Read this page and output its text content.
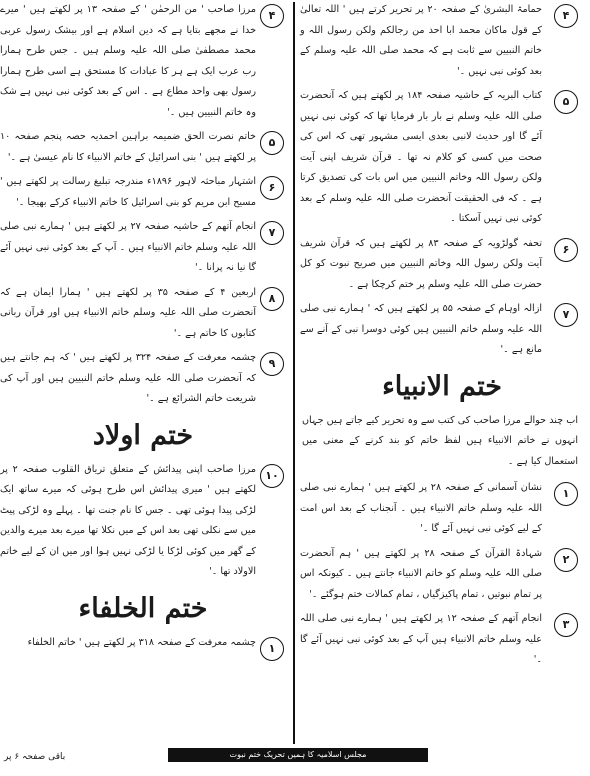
۴
حمامۃ البشریٰ کے صفحہ ۲۰ پر تحریر کرتے ہیں ' اللہ تعالیٰ کے قول ماکان محمد ابا احد من رجالکم ولکن رسول اللہ و خاتم النبیین سے ثابت ہے کہ محمد صلی اللہ علیہ وسلم کے بعد کوئی نبی نہیں ۔'
۵
کتاب البریہ کے حاشیہ صفحہ ۱۸۴ پر لکھتے ہیں کہ آنحضرت صلی اللہ علیہ وسلم نے بار بار فرمایا تھا کہ کوئی نبی نہیں آئے گا اور حدیث لانبی بعدی ایسی مشہور تھی کہ اس کی صحت میں کسی کو کلام نہ تھا ۔ قرآن شریف اپنی آیت ولکن رسول اللہ وخاتم النبیین میں اس بات کی تصدیق کرتا ہے ۔ کہ فی الحقیقت آنحضرت صلی اللہ علیہ وسلم کے بعد کوئی نبی نہیں آسکتا ۔
۶
تحفہ گولڑویہ کے صفحہ ۸۳ پر لکھتے ہیں کہ قرآن شریف آیت ولکن رسول اللہ وخاتم النبیین میں صریح نبوت کو کل حضرت صلی اللہ علیہ وسلم پر ختم کرچکا ہے ۔
۷
ازالہ اوہام کے صفحہ ۵۵ پر لکھتے ہیں کہ ' ہمارے نبی صلی اللہ علیہ وسلم خاتم النبیین ہیں کوئی دوسرا نبی کے آنے سے مانع ہے ۔'
ختم الانبیاء
اب چند حوالے مرزا صاحب کی کتب سے وہ تحریر کیے جاتے ہیں جہاں انہوں نے خاتم الانبیاء ہیں لفظ خاتم کو بند کرنے کے معنی میں استعمال کیا ہے ۔
۱
نشان آسمانی کے صفحہ ۲۸ پر لکھتے ہیں ' ہمارے نبی صلی اللہ علیہ وسلم خاتم الانبیاء ہیں ۔ آنجناب کے بعد اس امت کے لیے کوئی نبی نہیں آئے گا ۔'
۲
شہادۃ القرآن کے صفحہ ۲۸ پر لکھتے ہیں ' ہم آنحضرت صلی اللہ علیہ وسلم کو خاتم الانبیاء جانتے ہیں ۔ کیونکہ اس پر تمام نبوتیں ، تمام پاکیزگیاں ، تمام کمالات ختم ہوگئے ۔'
۳
انجام آتھم کے صفحہ ۱۲ پر لکھتے ہیں ' ہمارے نبی صلی اللہ علیہ وسلم خاتم الانبیاء ہیں آپ کے بعد کوئی نبی نہیں آئے گا ۔'
۴
مرزا صاحب ' من الرحمٰن ' کے صفحہ ۱۳ پر لکھتے ہیں ' میرے خدا نے مجھے بتایا ہے کہ دین اسلام ہے اور بیشک رسول عربی محمد مصطفیٰ صلی اللہ علیہ وسلم ہیں ۔ جس طرح ہمارا رب عرب ایک ہے ہر کا عبادات کا مستحق ہے اسی طرح ہمارا رسول بھی واحد مطاع ہے ۔ اس کے بعد کوئی نبی نہیں ہے شک وہ خاتم النبیین ہیں ۔'
۵
خاتم نصرت الحق ضمیمہ براہین احمدیہ حصہ پنجم صفحہ ۱۰ پر لکھتے ہیں ' بنی اسرائیل کے خاتم الانبیاء کا نام عیسیٰ ہے ۔'
۶
اشتہار مباحثہ لاہور ۱۸۹۶ء مندرجہ تبلیغ رسالت پر لکھتے ہیں ' مسیح ابن مریم کو بنی اسرائیل کا خاتم الانبیاء کرکے بھیجا ۔'
۷
انجام آتھم کے حاشیہ صفحہ ۲۷ پر لکھتے ہیں ' ہمارے نبی صلی اللہ علیہ وسلم خاتم الانبیاء ہیں ۔ آپ کے بعد کوئی نبی نہیں آئے گا نیا نہ پرانا ۔'
۸
اربعین ۴ کے صفحہ ۳۵ پر لکھتے ہیں ' ہمارا ایمان ہے کہ آنحضرت صلی اللہ علیہ وسلم خاتم الانبیاء ہیں اور قرآن ربانی کتابوں کا خاتم ہے ۔'
۹
چشمہ معرفت کے صفحہ ۳۲۴ پر لکھتے ہیں ' کہ ہم جانتے ہیں کہ آنحضرت صلی اللہ علیہ وسلم خاتم النبیین ہیں اور آپ کی شریعت خاتم الشرائع ہے ۔'
ختم اولاد
۱۰
مرزا صاحب اپنی پیدائش کے متعلق تریاق القلوب صفحہ ۲ پر لکھتے ہیں ' میری پیدائش اس طرح ہوئی کہ میرے ساتھ ایک لڑکی پیدا ہوئی تھی ۔ جس کا نام جنت تھا ۔ پہلے وہ لڑکی پیٹ میں سے نکلی تھی بعد اس کے میں نکلا تھا میرے بعد میرے والدین کے گھر میں کوئی لڑکا یا لڑکی نہیں ہوا اور میں ان کے لیے خاتم الاولاد تھا ۔'
ختم الخلفاء
۱
چشمہ معرفت کے صفحہ ۳۱۸ پر لکھتے ہیں ' خاتم الخلفاء
مجلس اسلامیہ کا ہمیں تحریک ختم نبوت
باقی صفحہ ۶ پر
